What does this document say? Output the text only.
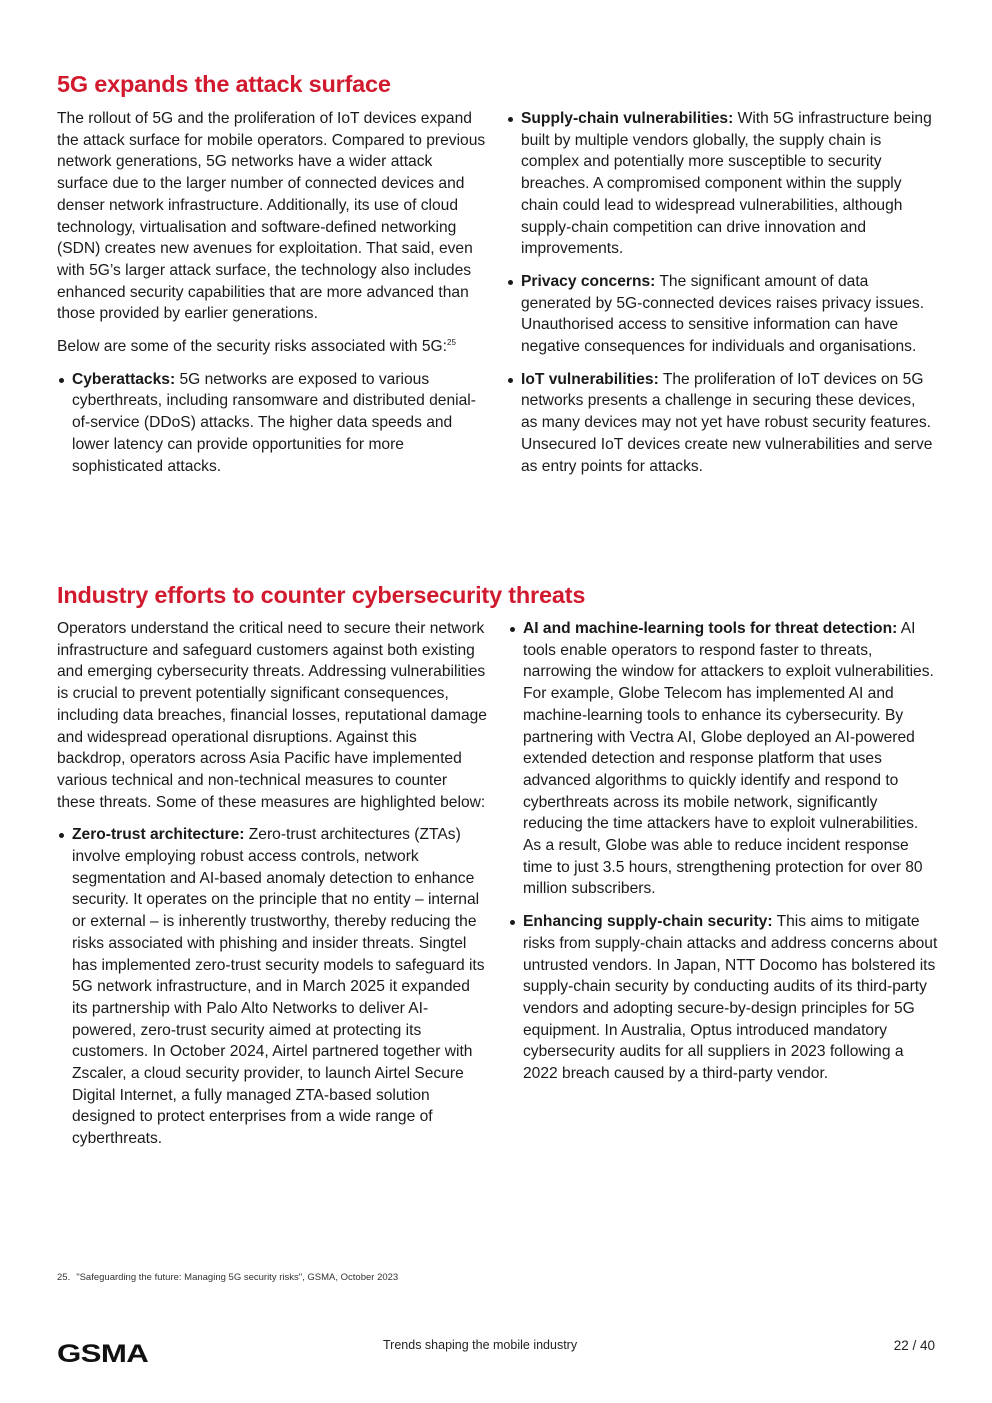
5G expands the attack surface

The rollout of 5G and the proliferation of IoT devices expand the attack surface for mobile operators. Compared to previous network generations, 5G networks have a wider attack surface due to the larger number of connected devices and denser network infrastructure. Additionally, its use of cloud technology, virtualisation and software-defined networking (SDN) creates new avenues for exploitation. That said, even with 5G’s larger attack surface, the technology also includes enhanced security capabilities that are more advanced than those provided by earlier generations.

Below are some of the security risks associated with 5G:$^{25}$

Cyberattacks: 5G networks are exposed to various cyberthreats, including ransomware and distributed denial-of-service (DDoS) attacks. The higher data speeds and lower latency can provide opportunities for more sophisticated attacks.
Supply-chain vulnerabilities: With 5G infrastructure being built by multiple vendors globally, the supply chain is complex and potentially more susceptible to security breaches. A compromised component within the supply chain could lead to widespread vulnerabilities, although supply-chain competition can drive innovation and improvements.
Privacy concerns: The significant amount of data generated by 5G-connected devices raises privacy issues. Unauthorised access to sensitive information can have negative consequences for individuals and organisations.
IoT vulnerabilities: The proliferation of IoT devices on 5G networks presents a challenge in securing these devices, as many devices may not yet have robust security features. Unsecured IoT devices create new vulnerabilities and serve as entry points for attacks.
Industry efforts to counter cybersecurity threats

Operators understand the critical need to secure their network infrastructure and safeguard customers against both existing and emerging cybersecurity threats. Addressing vulnerabilities is crucial to prevent potentially significant consequences, including data breaches, financial losses, reputational damage and widespread operational disruptions. Against this backdrop, operators across Asia Pacific have implemented various technical and non-technical measures to counter these threats. Some of these measures are highlighted below:

Zero-trust architecture: Zero-trust architectures (ZTAs) involve employing robust access controls, network segmentation and AI-based anomaly detection to enhance security. It operates on the principle that no entity – internal or external – is inherently trustworthy, thereby reducing the risks associated with phishing and insider threats. Singtel has implemented zero-trust security models to safeguard its 5G network infrastructure, and in March 2025 it expanded its partnership with Palo Alto Networks to deliver AI-powered, zero-trust security aimed at protecting its customers. In October 2024, Airtel partnered together with Zscaler, a cloud security provider, to launch Airtel Secure Digital Internet, a fully managed ZTA-based solution designed to protect enterprises from a wide range of cyberthreats.
AI and machine-learning tools for threat detection: AI tools enable operators to respond faster to threats, narrowing the window for attackers to exploit vulnerabilities. For example, Globe Telecom has implemented AI and machine-learning tools to enhance its cybersecurity. By partnering with Vectra AI, Globe deployed an AI-powered extended detection and response platform that uses advanced algorithms to quickly identify and respond to cyberthreats across its mobile network, significantly reducing the time attackers have to exploit vulnerabilities. As a result, Globe was able to reduce incident response time to just 3.5 hours, strengthening protection for over 80 million subscribers.
Enhancing supply-chain security: This aims to mitigate risks from supply-chain attacks and address concerns about untrusted vendors. In Japan, NTT Docomo has bolstered its supply-chain security by conducting audits of its third-party vendors and adopting secure-by-design principles for 5G equipment. In Australia, Optus introduced mandatory cybersecurity audits for all suppliers in 2023 following a 2022 breach caused by a third-party vendor.
25. "Safeguarding the future: Managing 5G security risks", GSMA, October 2023
GSMA	Trends shaping the mobile industry	22 / 40
